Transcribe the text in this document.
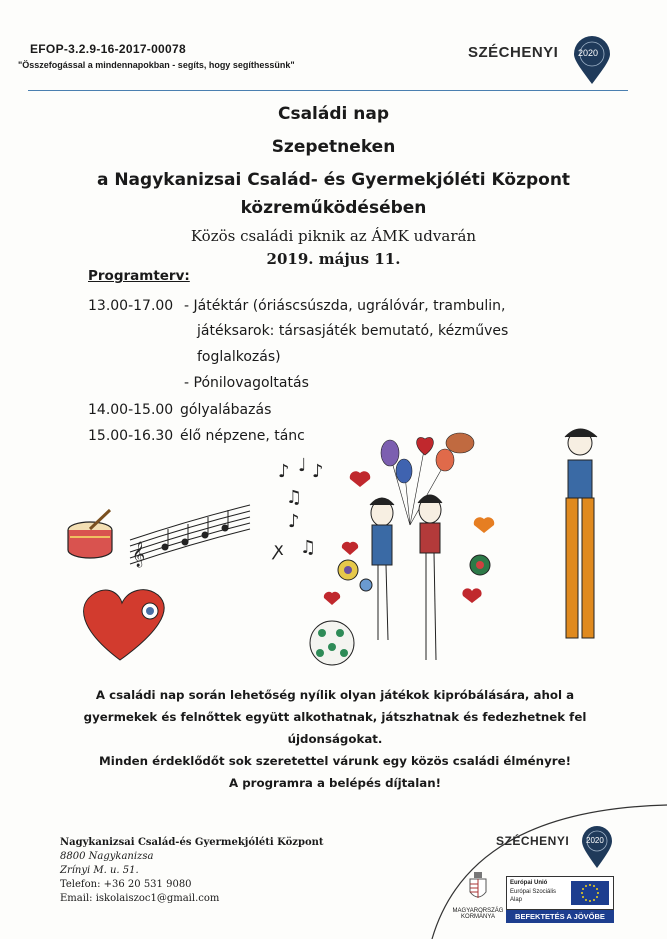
EFOP-3.2.9-16-2017-00078
"Összefogással a mindennapokban - segíts, hogy segíthessünk"
SZÉCHENYI 2020
Családi nap
Szepetneken
a Nagykanizsai Család- és Gyermekjóléti Központ
közreműködésében
Közös családi piknik az ÁMK udvarán
2019. május 11.
Programterv:
13.00-17.00 - Játéktár (óriáscsúszda, ugrálóvár, trambulin,
játéksarok: társasjáték bemutató, kézműves
foglalkozás)
- Pónilovagoltatás
14.00-15.00 gólyalábazás
15.00-16.30 élő népzene, tánc
𝄞
♪ ♩ ♪
♫
♪
ꭗ ♫
A családi nap során lehetőség nyílik olyan játékok kipróbálására, ahol a
gyermekek és felnőttek együtt alkothatnak, játszhatnak és fedezhetnek fel
újdonságokat.
Minden érdeklődőt sok szeretettel várunk egy közös családi élményre!
A programra a belépés díjtalan!
Nagykanizsai Család-és Gyermekjóléti Központ
8800 Nagykanizsa
Zrínyi M. u. 51.
Telefon: +36 20 531 9080
Email: iskolaiszoc1@gmail.com
SZÉCHENYI 2020
MAGYARORSZÁG
KORMÁNYA
Európai Unió
Európai Szociális
Alap
BEFEKTETÉS A JÖVŐBE
